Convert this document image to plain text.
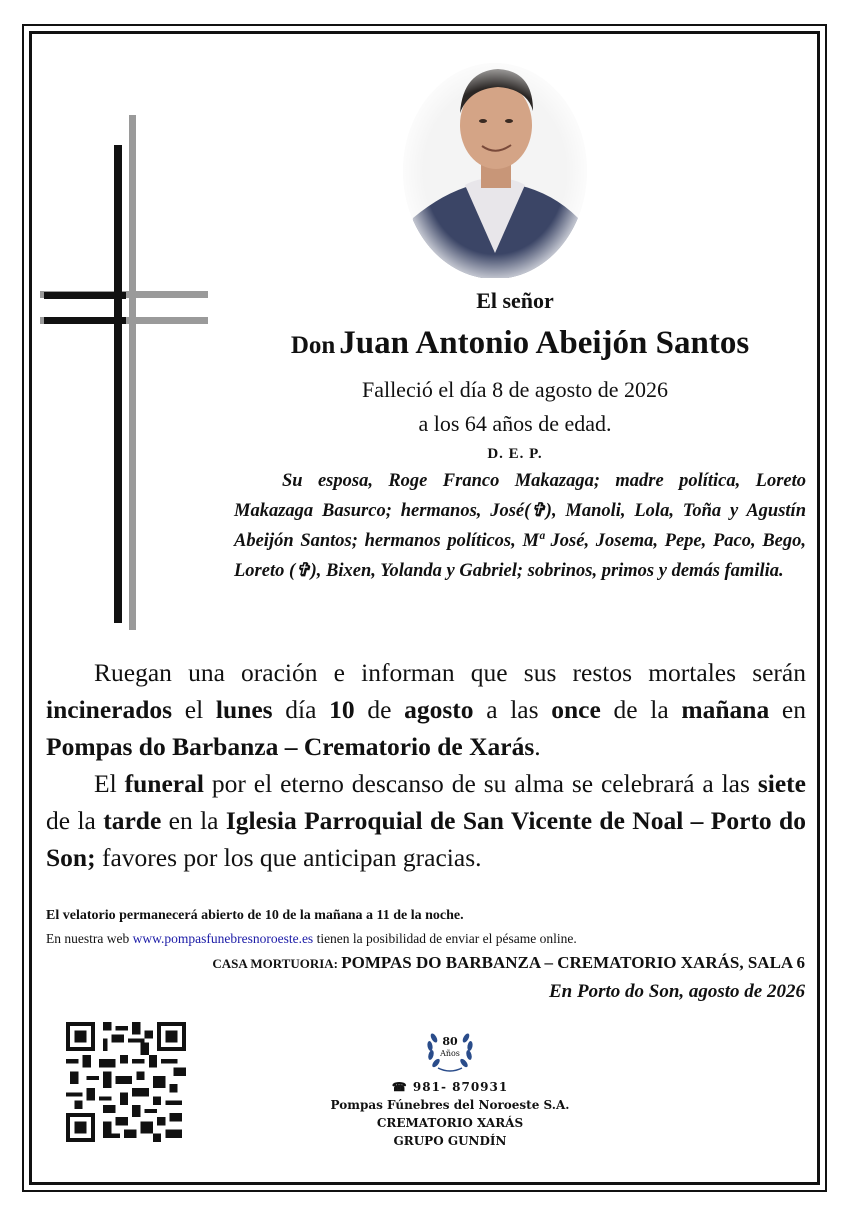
El señor
Don Juan Antonio Abeijón Santos
Falleció el día 8 de agosto de 2026
a los 64 años de edad.
D. E. P.
Su esposa, Roge Franco Makazaga; madre política, Loreto Makazaga Basurco; hermanos, José(✞), Manoli, Lola, Toña y Agustín Abeijón Santos; hermanos políticos, Mª José, Josema, Pepe, Paco, Bego, Loreto (✞), Bixen, Yolanda y Gabriel; sobrinos, primos y demás familia.
Ruegan una oración e informan que sus restos mortales serán incinerados el lunes día 10 de agosto a las once de la mañana en Pompas do Barbanza – Crematorio de Xarás.
El funeral por el eterno descanso de su alma se celebrará a las siete de la tarde en la Iglesia Parroquial de San Vicente de Noal – Porto do Son; favores por los que anticipan gracias.
El velatorio permanecerá abierto de 10 de la mañana a 11 de la noche.
En nuestra web www.pompasfunebresnoroeste.es tienen la posibilidad de enviar el pésame online.
CASA MORTUORIA: POMPAS DO BARBANZA – CREMATORIO XARÁS, SALA 6
En Porto do Son, agosto de 2026
80
Años
☎ 981- 870931
Pompas Fúnebres del Noroeste S.A.
CREMATORIO XARÁS
GRUPO GUNDÍN
